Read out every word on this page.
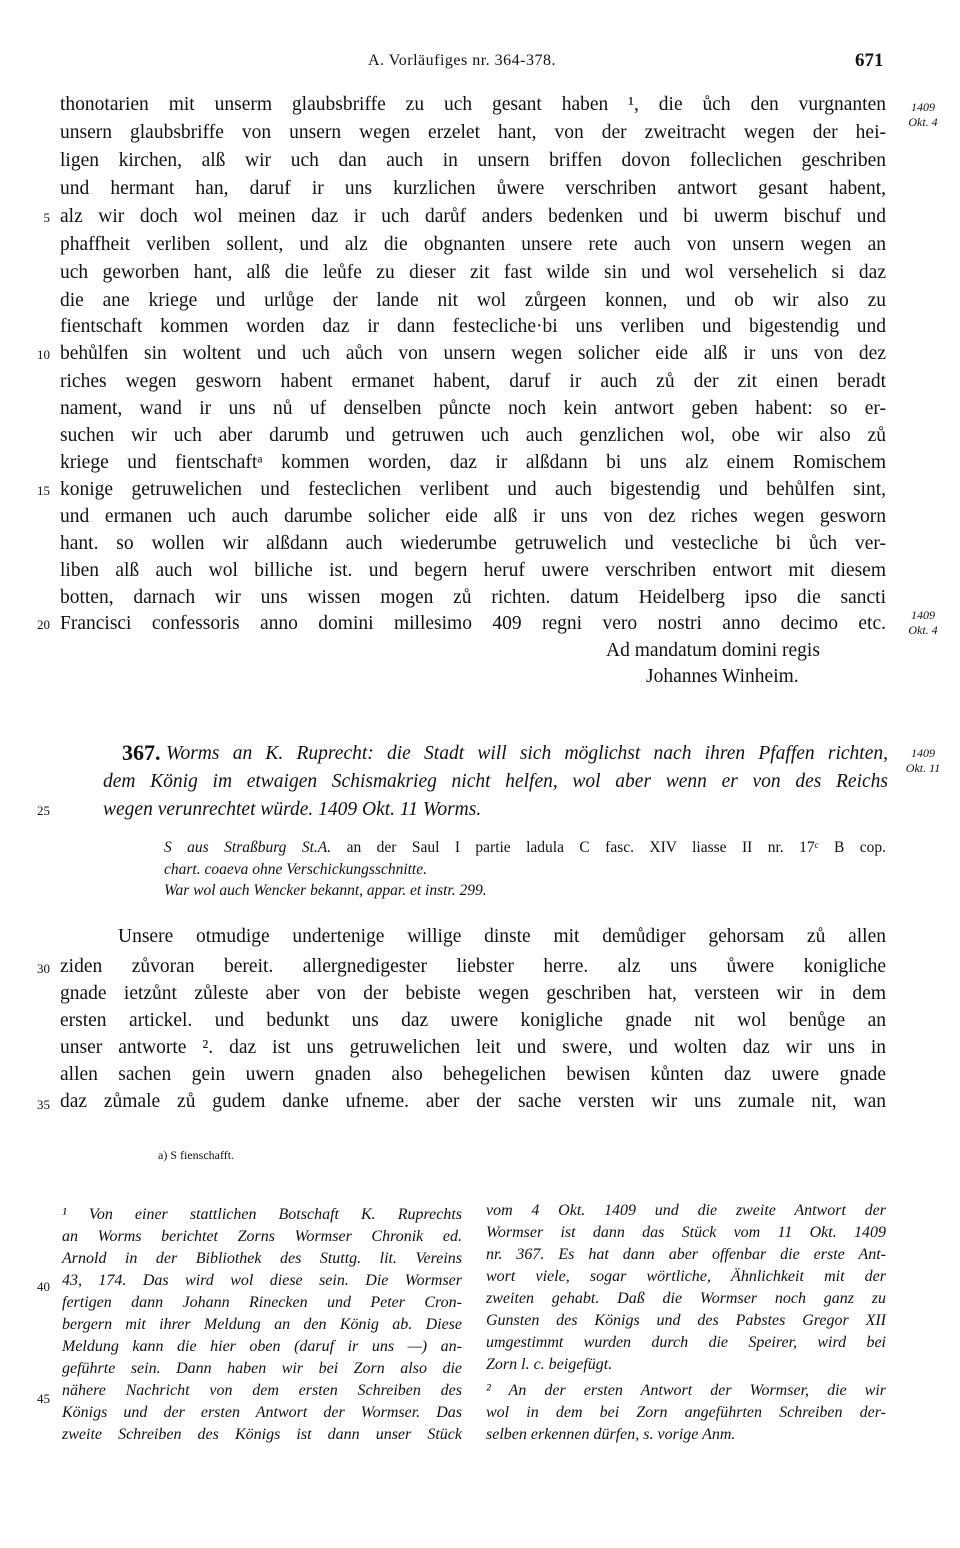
A. Vorläufiges nr. 364-378.	671
thonotarien mit unserm glaubsbriffe zu uch gesant haben ¹, die ůch den vurgnanten
unsern glaubsbriffe von unsern wegen erzelet hant, von der zweitracht wegen der hei-
ligen kirchen, alß wir uch dan auch in unsern briffen dovon folleclichen geschriben
und hermant han, daruf ir uns kurzlichen ůwere verschriben antwort gesant habent,
alz wir doch wol meinen daz ir uch darůf anders bedenken und bi uwerm bischuf und
phaffheit verliben sollent, und alz die obgnanten unsere rete auch von unsern wegen an
uch geworben hant, alß die leůfe zu dieser zit fast wilde sin und wol versehelich si daz
die ane kriege und urlůge der lande nit wol zůrgeen konnen, und ob wir also zu
fientschaft kommen worden daz ir dann festecliche·bi uns verliben und bigestendig und
behůlfen sin woltent und uch aůch von unsern wegen solicher eide alß ir uns von dez
riches wegen gesworn habent ermanet habent, daruf ir auch zů der zit einen beradt
nament, wand ir uns nů uf denselben půncte noch kein antwort geben habent: so er-
suchen wir uch aber darumb und getruwen uch auch genzlichen wol, obe wir also zů
kriege und fientschaftᵃ kommen worden, daz ir alßdann bi uns alz einem Romischem
konige getruwelichen und festeclichen verlibent und auch bigestendig und behůlfen sint,
und ermanen uch auch darumbe solicher eide alß ir uns von dez riches wegen gesworn
hant. so wollen wir alßdann auch wiederumbe getruwelich und vestecliche bi ůch ver-
liben alß auch wol billiche ist. und begern heruf uwere verschriben entwort mit diesem
botten, darnach wir uns wissen mogen zů richten. datum Heidelberg ipso die sancti
Francisci confessoris anno domini millesimo 409 regni vero nostri anno decimo etc.
Ad mandatum domini regis
Johannes Winheim.
5
10
15
20
25
30
35
40
45
1409
Okt. 4
1409
Okt. 4
1409
Okt. 11
367. Worms an K. Ruprecht: die Stadt will sich möglichst nach ihren Pfaffen richten,
dem König im etwaigen Schismakrieg nicht helfen, wol aber wenn er von des Reichs
wegen verunrechtet würde. 1409 Okt. 11 Worms.
S aus Straßburg St.A. an der Saul I partie ladula C fasc. XIV liasse II nr. 17ᶜ B cop.
chart. coaeva ohne Verschickungsschnitte.
War wol auch Wencker bekannt, appar. et instr. 299.
Unsere otmudige undertenige willige dinste mit demůdiger gehorsam zů allen
ziden zůvoran bereit. allergnedigester liebster herre. alz uns ůwere konigliche
gnade ietzůnt zůleste aber von der bebiste wegen geschriben hat, versteen wir in dem
ersten artickel. und bedunkt uns daz uwere konigliche gnade nit wol benůge an
unser antworte ². daz ist uns getruwelichen leit und swere, und wolten daz wir uns in
allen sachen gein uwern gnaden also behegelichen bewisen kůnten daz uwere gnade
daz zůmale zů gudem danke ufneme. aber der sache versten wir uns zumale nit, wan
a) S fienschafft.
¹ Von einer stattlichen Botschaft K. Ruprechts
an Worms berichtet Zorns Wormser Chronik ed.
Arnold in der Bibliothek des Stuttg. lit. Vereins
43, 174. Das wird wol diese sein. Die Wormser
fertigen dann Johann Rinecken und Peter Cron-
bergern mit ihrer Meldung an den König ab. Diese
Meldung kann die hier oben (daruf ir uns —) an-
geführte sein. Dann haben wir bei Zorn also die
nähere Nachricht von dem ersten Schreiben des
Königs und der ersten Antwort der Wormser. Das
zweite Schreiben des Königs ist dann unser Stück
vom 4 Okt. 1409 und die zweite Antwort der
Wormser ist dann das Stück vom 11 Okt. 1409
nr. 367. Es hat dann aber offenbar die erste Ant-
wort viele, sogar wörtliche, Ähnlichkeit mit der
zweiten gehabt. Daß die Wormser noch ganz zu
Gunsten des Königs und des Pabstes Gregor XII
umgestimmt wurden durch die Speirer, wird bei
Zorn l. c. beigefügt.
² An der ersten Antwort der Wormser, die wir
wol in dem bei Zorn angeführten Schreiben der-
selben erkennen dürfen, s. vorige Anm.
